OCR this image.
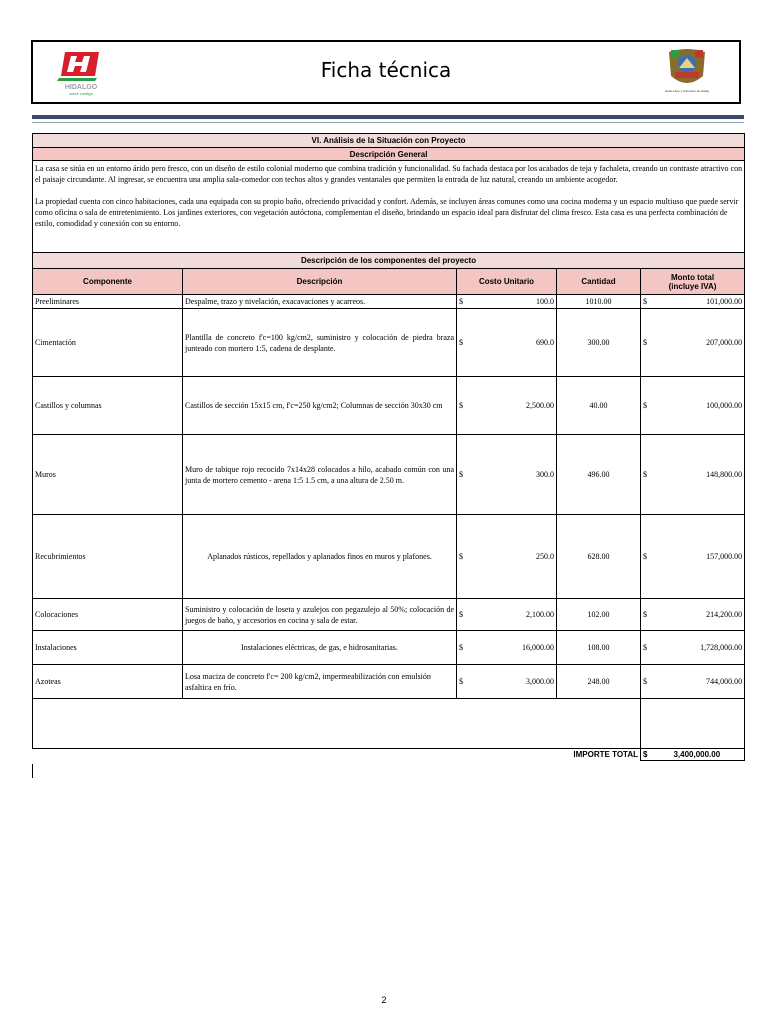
HIDALGO
crece contigo
Ficha técnica
Estado Libre y Soberano de Hidalgo
VI. Análisis de la Situación con Proyecto				
Descripción General				

La casa se sitúa en un entorno árido pero fresco, con un diseño de estilo colonial moderno que combina tradición y funcionalidad. Su fachada destaca por los acabados de teja y fachaleta, creando un contraste atractivo con el paisaje circundante. Al ingresar, se encuentra una amplia sala-comedor con techos altos y grandes ventanales que permiten la entrada de luz natural, creando un ambiente acogedor.

La propiedad cuenta con cinco habitaciones, cada una equipada con su propio baño, ofreciendo privacidad y confort. Además, se incluyen áreas comunes como una cocina moderna y un espacio multiuso que puede servir como oficina o sala de entretenimiento. Los jardines exteriores, con vegetación autóctona, complementan el diseño, brindando un espacio ideal para disfrutar del clima fresco. Esta casa es una perfecta combinación de estilo, comodidad y conexión con su entorno.				

Descripción de los componentes del proyecto				
Componente	Descripción	Costo Unitario	Cantidad	Monto total
(incluye IVA)
Preeliminares	Despalme, trazo y nivelación, exacavaciones y acarreos.	$ 100.0	1010.00	$ 101,000.00

Cimentación	Plantilla de concreto f'c=100 kg/cm2, suministro y colocación de piedra braza junteado con mortero 1:5, cadena de desplante.	$ 690.0	300.00	$ 207,000.00

Castillos y columnas	Castillos de sección 15x15 cm, f'c=250 kg/cm2; Columnas de sección 30x30 cm	$ 2,500.00	40.00	$ 100,000.00

Muros	Muro de tabique rojo recocido 7x14x28 colocados a hilo, acabado común con una junta de mortero cemento - arena 1:5 1.5 cm, a una altura de 2.50 m.	$ 300.0	496.00	$ 148,800.00

Recubrimientos	Aplanados rústicos, repellados y aplanados finos en muros y plafones.	$ 250.0	628.00	$ 157,000.00

Colocaciones	Suministro y colocación de loseta y azulejos con pegazulejo al 50%; colocación de juegos de baño, y accesorios en cocina y sala de estar.	$ 2,100.00	102.00	$ 214,200.00

Instalaciones	Instalaciones eléctricas, de gas, e hidrosanitarias.	$ 16,000.00	108.00	$ 1,728,000.00

Azoteas	Losa maciza de concreto f'c= 200 kg/cm2, impermeabilización con emulsión asfaltica en frío.	$ 3,000.00	248.00	$ 744,000.00

IMPORTE TOTAL				$ 3,400,000.00
2
